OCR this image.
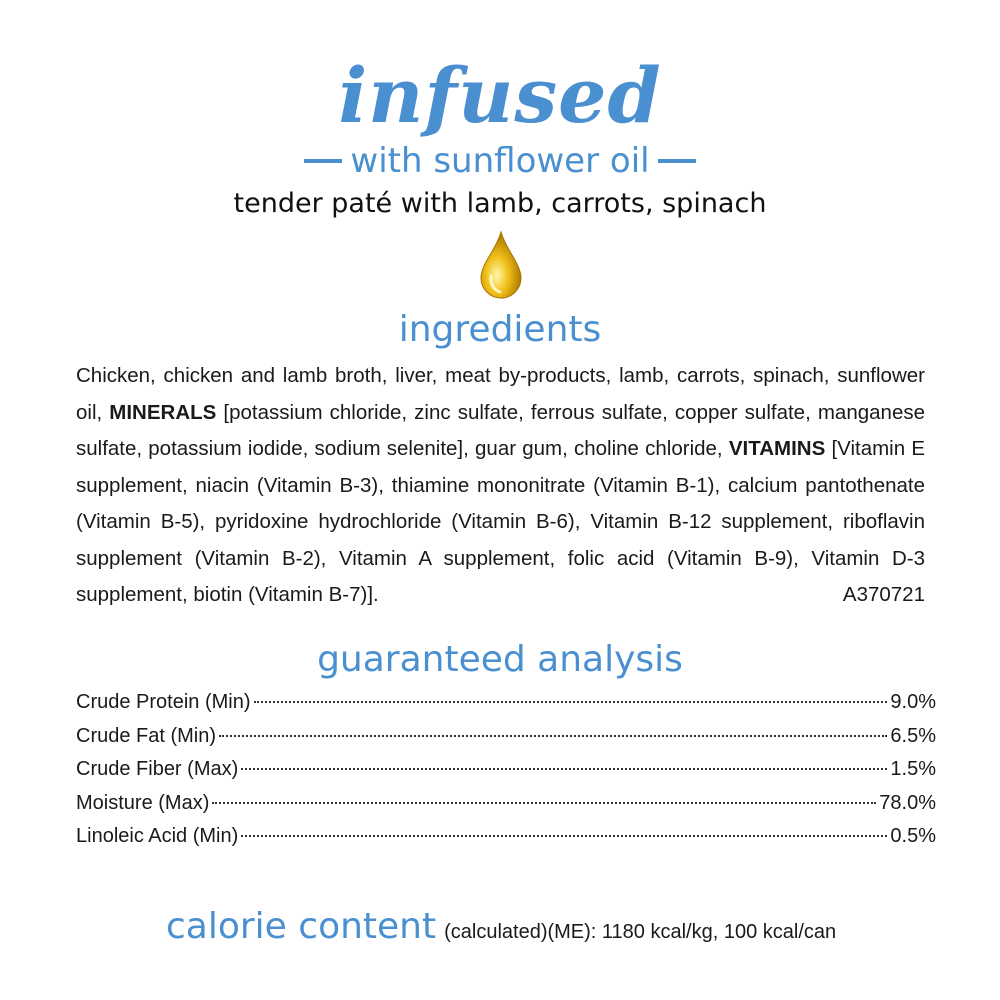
infused
with sunflower oil
tender paté with lamb, carrots, spinach
ingredients

Chicken, chicken and lamb broth, liver, meat by-products, lamb, carrots, spinach, sunflower oil, MINERALS [potassium chloride, zinc sulfate, ferrous sulfate, copper sulfate, manganese sulfate, potassium iodide, sodium selenite], guar gum, choline chloride, VITAMINS [Vitamin E supplement, niacin (Vitamin B-3), thiamine mononitrate (Vitamin B-1), calcium pantothenate (Vitamin B-5), pyridoxine hydrochloride (Vitamin B-6), Vitamin B-12 supplement, riboflavin supplement (Vitamin B-2), Vitamin A supplement, folic acid (Vitamin B-9), Vitamin D-3 supplement, biotin (Vitamin B-7)].	A370721

guaranteed analysis
Crude Protein (Min)	9.0%
Crude Fat (Min)	6.5%
Crude Fiber (Max)	1.5%
Moisture (Max)	78.0%
Linoleic Acid (Min)	0.5%
calorie content (calculated)(ME): 1180 kcal/kg, 100 kcal/can
